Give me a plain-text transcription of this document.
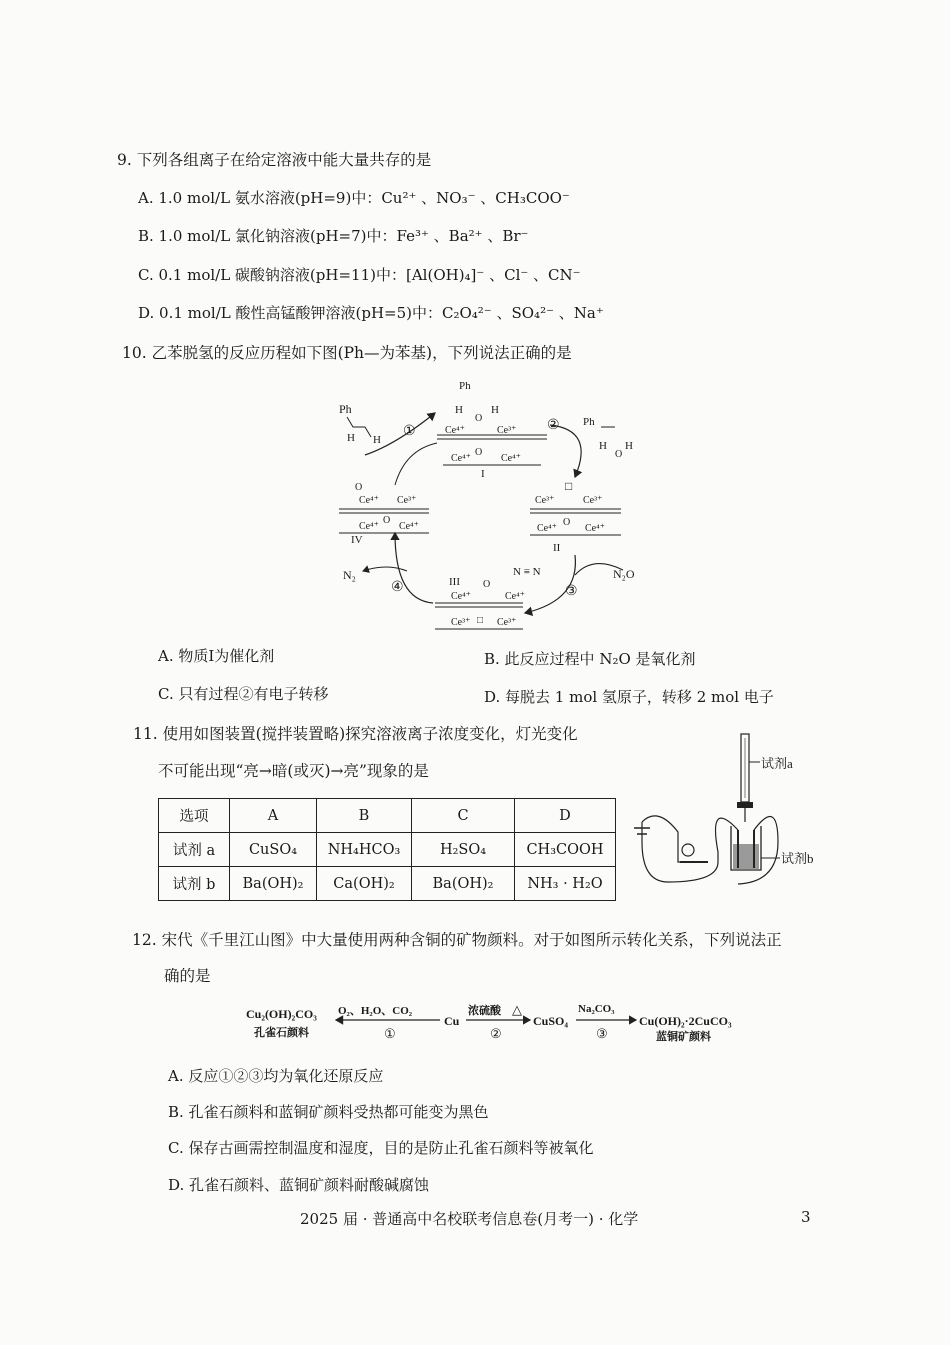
9. 下列各组离子在给定溶液中能大量共存的是
A. 1.0 mol/L 氨水溶液(pH=9)中：Cu²⁺ 、NO₃⁻ 、CH₃COO⁻
B. 1.0 mol/L 氯化钠溶液(pH=7)中：Fe³⁺ 、Ba²⁺ 、Br⁻
C. 0.1 mol/L 碳酸钠溶液(pH=11)中：[Al(OH)₄]⁻ 、Cl⁻ 、CN⁻
D. 0.1 mol/L 酸性高锰酸钾溶液(pH=5)中：C₂O₄²⁻ 、SO₄²⁻ 、Na⁺
10. 乙苯脱氢的反应历程如下图(Ph—为苯基)，下列说法正确的是
Ph
H H
①
Ph
H	H
O
Ce⁴⁺	Ce³⁺
Ce⁴⁺
O
Ce⁴⁺
I
② Ph
H
O
H
□
Ce³⁺	Ce³⁺
Ce⁴⁺
O
Ce⁴⁺
II
N₂O
③
N ≡ N
III O
Ce⁴⁺	Ce⁴⁺
Ce³⁺ □ Ce³⁺
④
N₂
O
Ce⁴⁺ Ce³⁺
Ce⁴⁺
O
Ce⁴⁺
IV
A. 物质Ⅰ为催化剂	B. 此反应过程中 N₂O 是氧化剂
C. 只有过程②有电子转移	D. 每脱去 1 mol 氢原子，转移 2 mol 电子
11. 使用如图装置(搅拌装置略)探究溶液离子浓度变化，灯光变化
不可能出现“亮→暗(或灭)→亮”现象的是
选项	A	B	C	D
试剂 a	CuSO₄	NH₄HCO₃	H₂SO₄	CH₃COOH
试剂 b	Ba(OH)₂	Ca(OH)₂	Ba(OH)₂	NH₃ · H₂O
试剂a
试剂b
12. 宋代《千里江山图》中大量使用两种含铜的矿物颜料。对于如图所示转化关系，下列说法正
确的是
Cu₂(OH)₂CO₃
孔雀石颜料
O₂、H₂O、CO₂
①
Cu
浓硫酸 △
②
CuSO₄
Na₂CO₃
③
Cu(OH)₂·2CuCO₃
蓝铜矿颜料
A. 反应①②③均为氧化还原反应
B. 孔雀石颜料和蓝铜矿颜料受热都可能变为黑色
C. 保存古画需控制温度和湿度，目的是防止孔雀石颜料等被氧化
D. 孔雀石颜料、蓝铜矿颜料耐酸碱腐蚀
2025 届 · 普通高中名校联考信息卷(月考一) · 化学	3
